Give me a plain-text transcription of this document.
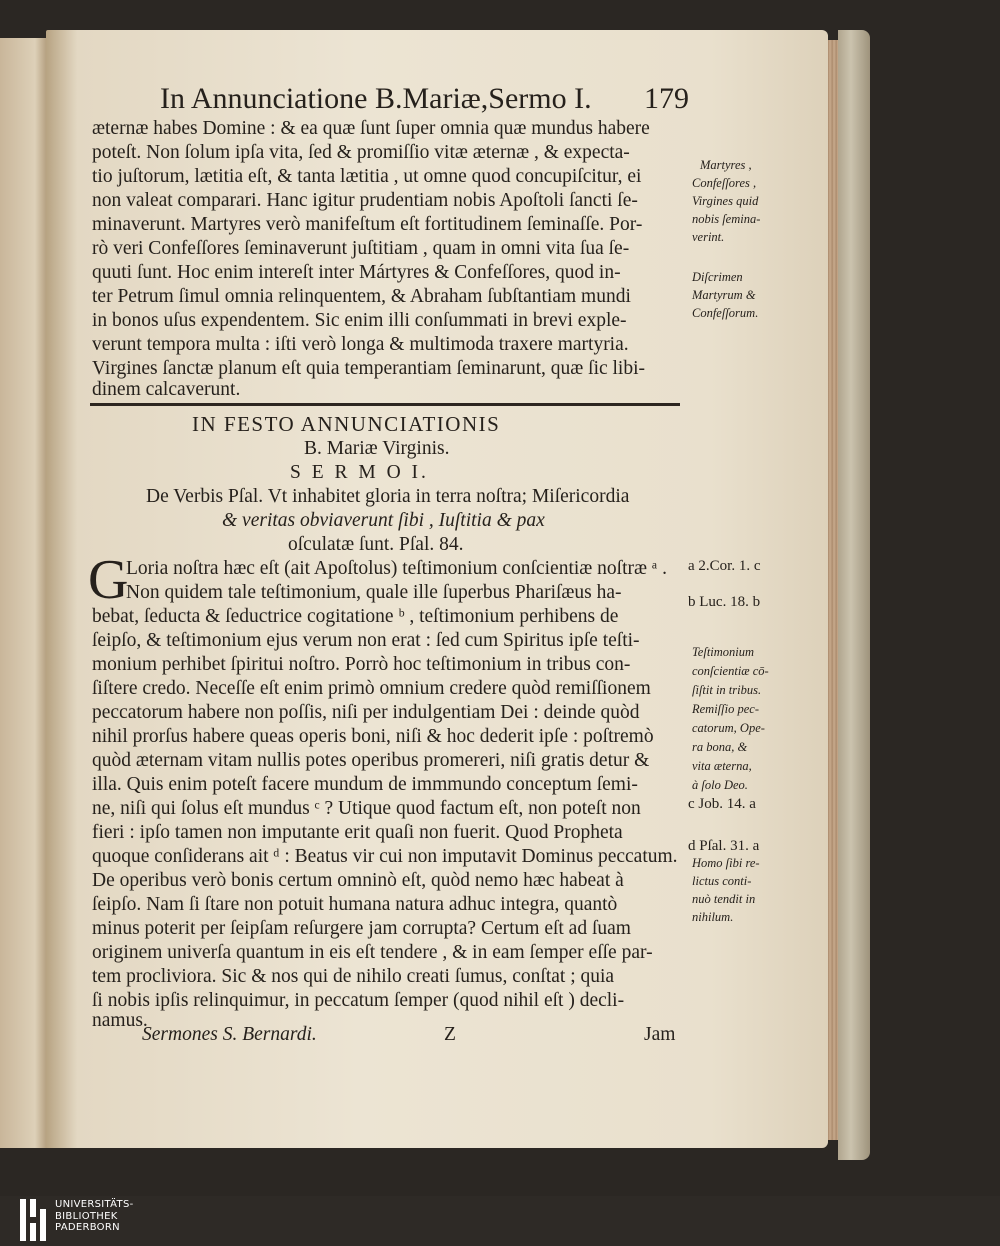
In Annunciatione B.Mariæ,Sermo I. 179
æternæ habes Domine : & ea quæ ſunt ſuper omnia quæ mundus habere
poteſt. Non ſolum ipſa vita, ſed & promiſſio vitæ æternæ , & expecta-
tio juſtorum, lætitia eſt, & tanta lætitia , ut omne quod concupiſcitur, ei
non valeat comparari. Hanc igitur prudentiam nobis Apoſtoli ſancti ſe-
minaverunt. Martyres verò manifeſtum eſt fortitudinem ſeminaſſe. Por-
rò veri Confeſſores ſeminaverunt juſtitiam , quam in omni vita ſua ſe-
quuti ſunt. Hoc enim intereſt inter Mártyres & Confeſſores, quod in-
ter Petrum ſimul omnia relinquentem, & Abraham ſubſtantiam mundi
in bonos uſus expendentem. Sic enim illi conſummati in brevi exple-
verunt tempora multa : iſti verò longa & multimoda traxere martyria.
Virgines ſanctæ planum eſt quia temperantiam ſeminarunt, quæ ſic libi-
dinem calcaverunt.
IN FESTO ANNUNCIATIONIS
B. Mariæ Virginis.
S E R M O I.
De Verbis Pſal. Vt inhabitet gloria in terra noſtra; Miſericordia
& veritas obviaverunt ſibi , Iuſtitia & pax
oſculatæ ſunt. Pſal. 84.
G
Loria noſtra hæc eſt (ait Apoſtolus) teſtimonium conſcientiæ noſtræ ᵃ .
Non quidem tale teſtimonium, quale ille ſuperbus Phariſæus ha-
bebat, ſeducta & ſeductrice cogitatione ᵇ , teſtimonium perhibens de
ſeipſo, & teſtimonium ejus verum non erat : ſed cum Spiritus ipſe teſti-
monium perhibet ſpiritui noſtro. Porrò hoc teſtimonium in tribus con-
ſiſtere credo. Neceſſe eſt enim primò omnium credere quòd remiſſionem
peccatorum habere non poſſis, niſi per indulgentiam Dei : deinde quòd
nihil prorſus habere queas operis boni, niſi & hoc dederit ipſe : poſtremò
quòd æternam vitam nullis potes operibus promereri, niſi gratis detur &
illa. Quis enim poteſt facere mundum de immmundo conceptum ſemi-
ne, niſi qui ſolus eſt mundus ᶜ ? Utique quod factum eſt, non poteſt non
fieri : ipſo tamen non imputante erit quaſi non fuerit. Quod Propheta
quoque conſiderans ait ᵈ : Beatus vir cui non imputavit Dominus peccatum.
De operibus verò bonis certum omninò eſt, quòd nemo hæc habeat à
ſeipſo. Nam ſi ſtare non potuit humana natura adhuc integra, quantò
minus poterit per ſeipſam reſurgere jam corrupta? Certum eſt ad ſuam
originem univerſa quantum in eis eſt tendere , & in eam ſemper eſſe par-
tem procliviora. Sic & nos qui de nihilo creati ſumus, conſtat ; quia
ſi nobis ipſis relinquimur, in peccatum ſemper (quod nihil eſt ) decli-
namus.
Sermones S. Bernardi.	Z	Jam
Martyres ,
Confeſſores ,
Virgines quid
nobis ſemina-
verint.
Diſcrimen
Martyrum &
Confeſſorum.
a 2.Cor. 1. c
b Luc. 18. b
Teſtimonium
conſcientiæ cō-
ſiſtit in tribus.
Remiſſio pec-
catorum, Ope-
ra bona, &
vita æterna,
à ſolo Deo.
c Job. 14. a
d Pſal. 31. a
Homo ſibi re-
lictus conti-
nuò tendit in
nihilum.
UNIVERSITÄTS-
BIBLIOTHEK
PADERBORN
